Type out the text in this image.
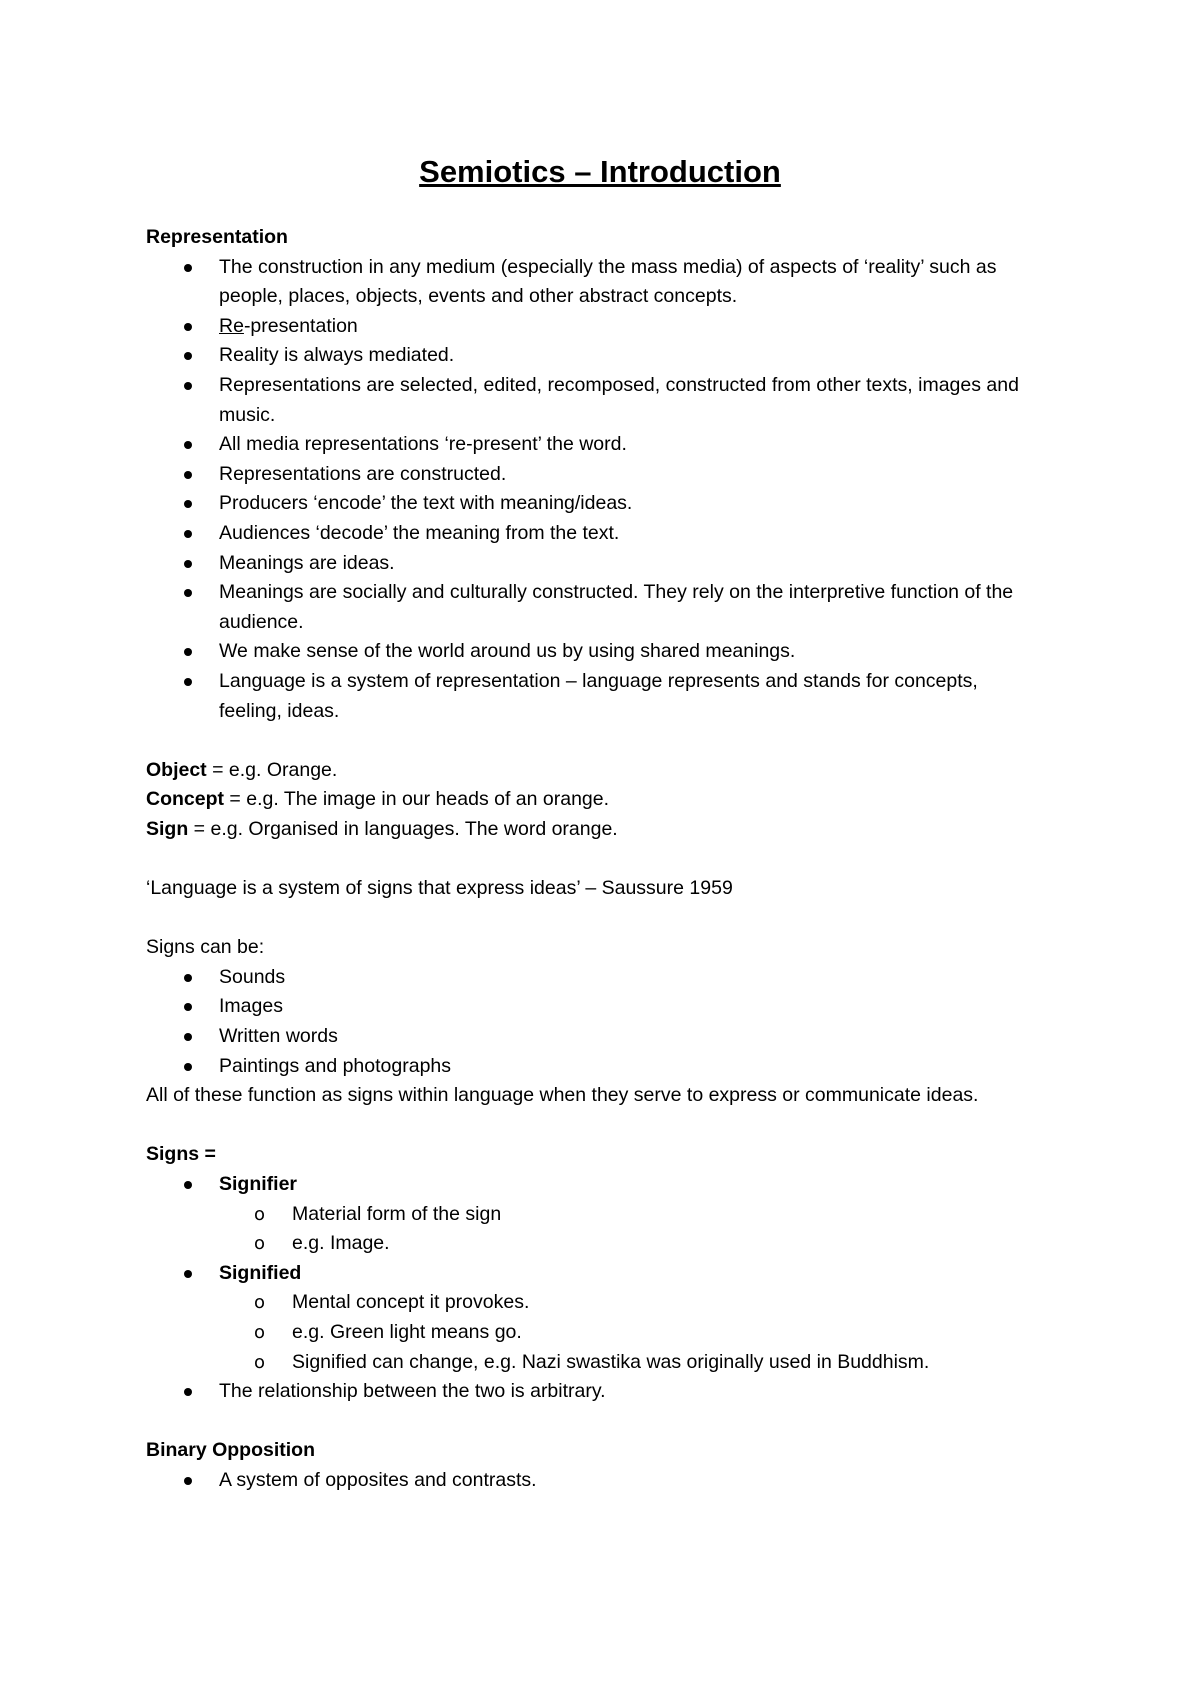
Semiotics – Introduction

Representation

The construction in any medium (especially the mass media) of aspects of ‘reality’ such as people, places, objects, events and other abstract concepts.
Re-presentation
Reality is always mediated.
Representations are selected, edited, recomposed, constructed from other texts, images and music.
All media representations ‘re-present’ the word.
Representations are constructed.
Producers ‘encode’ the text with meaning/ideas.
Audiences ‘decode’ the meaning from the text.
Meanings are ideas.
Meanings are socially and culturally constructed. They rely on the interpretive function of the audience.
We make sense of the world around us by using shared meanings.
Language is a system of representation – language represents and stands for concepts, feeling, ideas.

Object = e.g. Orange.

Concept = e.g. The image in our heads of an orange.

Sign = e.g. Organised in languages. The word orange.

‘Language is a system of signs that express ideas’ – Saussure 1959

Signs can be:

Sounds
Images
Written words
Paintings and photographs

All of these function as signs within language when they serve to express or communicate ideas.

Signs =

Signifier
o Material form of the sign
o e.g. Image.
Signified
o Mental concept it provokes.
o e.g. Green light means go.
o Signified can change, e.g. Nazi swastika was originally used in Buddhism.
The relationship between the two is arbitrary.

Binary Opposition

A system of opposites and contrasts.
